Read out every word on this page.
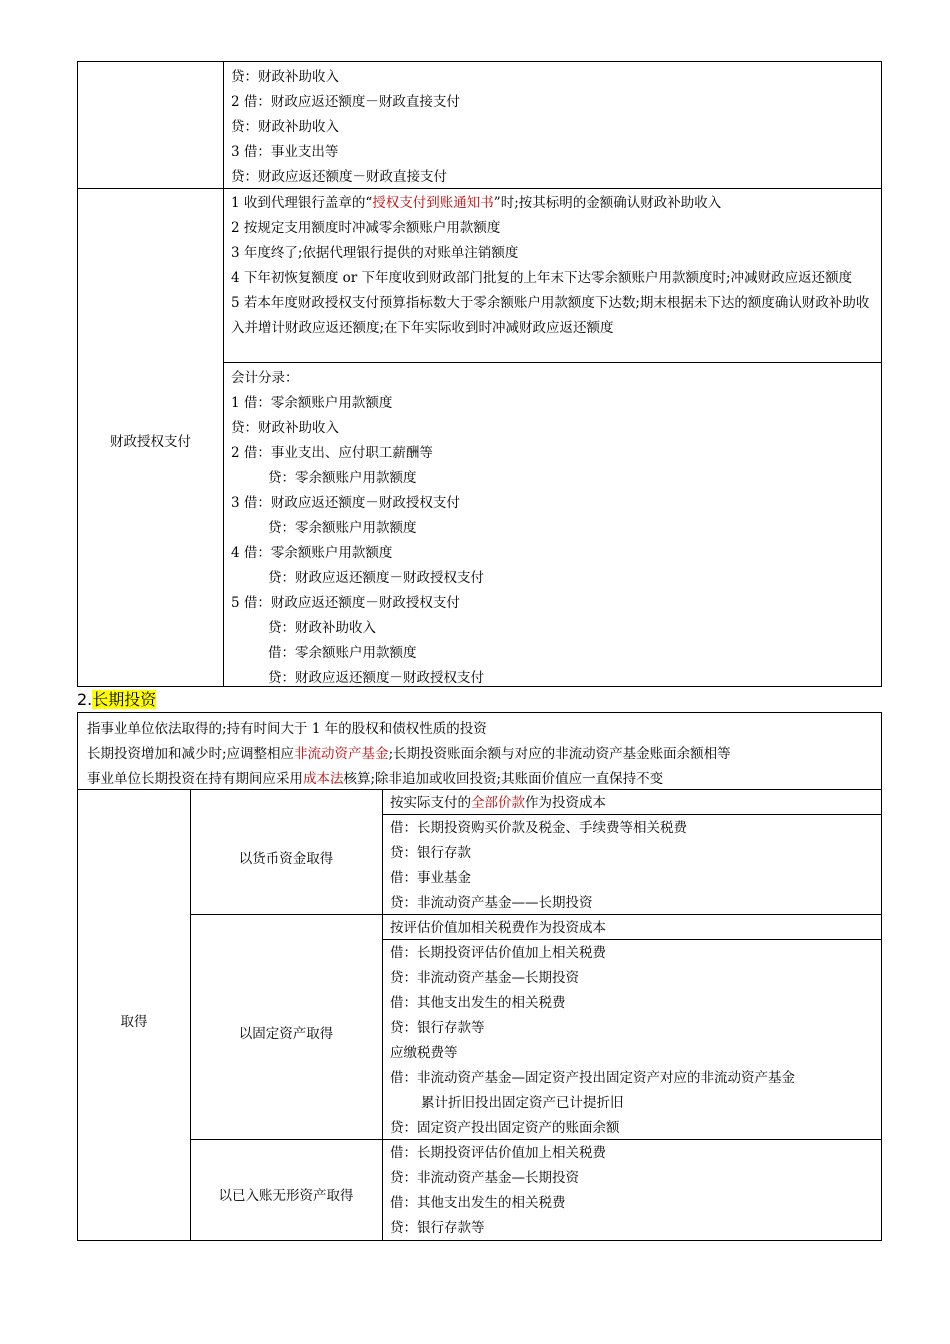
贷：财政补助收入
2 借：财政应返还额度－财政直接支付
贷：财政补助收入
3 借：事业支出等
贷：财政应返还额度－财政直接支付
财政授权支付
1 收到代理银行盖章的“授权支付到账通知书”时;按其标明的金额确认财政补助收入
2 按规定支用额度时冲减零余额账户用款额度
3 年度终了;依据代理银行提供的对账单注销额度
4 下年初恢复额度 or 下年度收到财政部门批复的上年末下达零余额账户用款额度时;冲减财政应返还额度
5 若本年度财政授权支付预算指标数大于零余额账户用款额度下达数;期末根据未下达的额度确认财政补助收入并增计财政应返还额度;在下年实际收到时冲减财政应返还额度
会计分录：
1 借：零余额账户用款额度
贷：财政补助收入
2 借：事业支出、应付职工薪酬等
贷：零余额账户用款额度
3 借：财政应返还额度－财政授权支付
贷：零余额账户用款额度
4 借：零余额账户用款额度
贷：财政应返还额度－财政授权支付
5 借：财政应返还额度－财政授权支付
贷：财政补助收入
借：零余额账户用款额度
贷：财政应返还额度－财政授权支付
2.长期投资
指事业单位依法取得的;持有时间大于 1 年的股权和债权性质的投资
长期投资增加和减少时;应调整相应非流动资产基金;长期投资账面余额与对应的非流动资产基金账面余额相等
事业单位长期投资在持有期间应采用成本法核算;除非追加或收回投资;其账面价值应一直保持不变
取得
以货币资金取得
以固定资产取得
以已入账无形资产取得
按实际支付的全部价款作为投资成本
借：长期投资购买价款及税金、手续费等相关税费
贷：银行存款
借：事业基金
贷：非流动资产基金——长期投资
按评估价值加相关税费作为投资成本
借：长期投资评估价值加上相关税费
贷：非流动资产基金—长期投资
借：其他支出发生的相关税费
贷：银行存款等
应缴税费等
借：非流动资产基金—固定资产投出固定资产对应的非流动资产基金
累计折旧投出固定资产已计提折旧
贷：固定资产投出固定资产的账面余额
借：长期投资评估价值加上相关税费
贷：非流动资产基金—长期投资
借：其他支出发生的相关税费
贷：银行存款等
